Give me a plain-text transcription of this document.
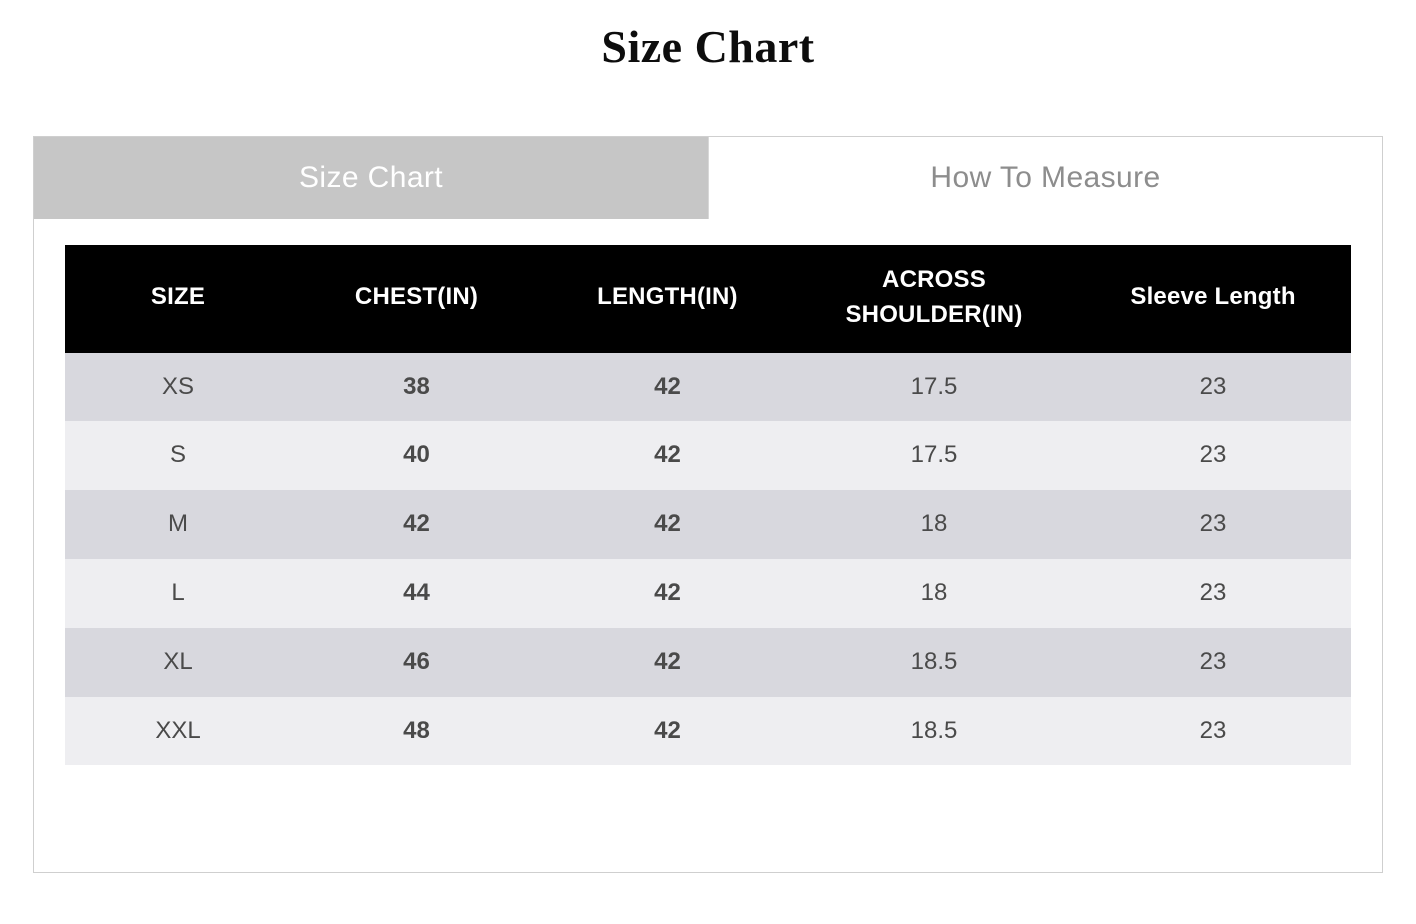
Size Chart
Size Chart	How To Measure
SIZE	CHEST(IN)	LENGTH(IN)	ACROSS SHOULDER(IN)	Sleeve Length
XS	38	42	17.5	23
S	40	42	17.5	23
M	42	42	18	23
L	44	42	18	23
XL	46	42	18.5	23
XXL	48	42	18.5	23
